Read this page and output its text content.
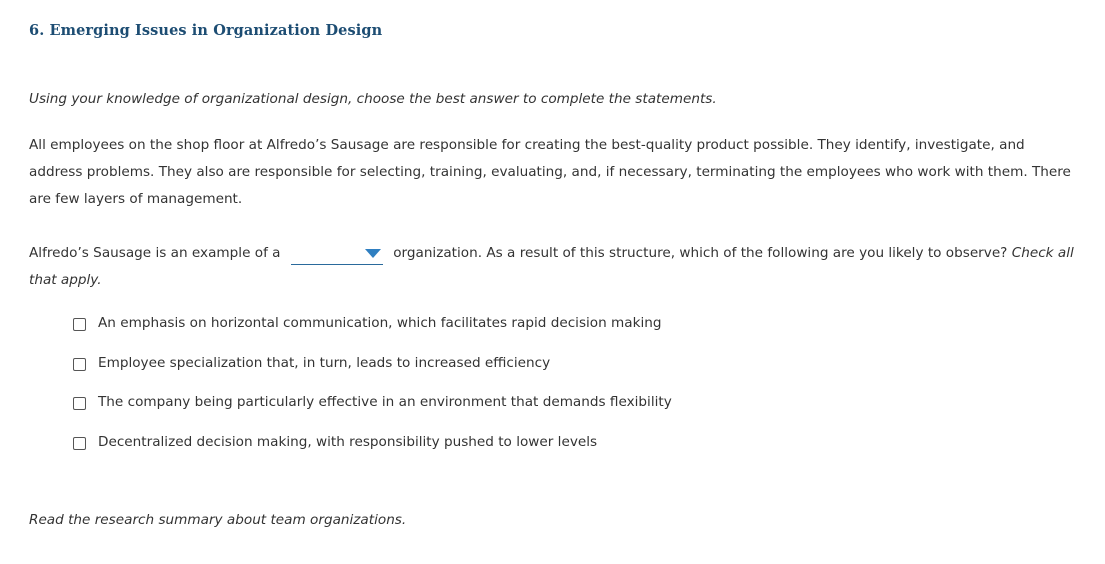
6. Emerging Issues in Organization Design
Using your knowledge of organizational design, choose the best answer to complete the statements.
All employees on the shop floor at Alfredo’s Sausage are responsible for creating the best-quality product possible. They identify, investigate, and address problems. They also are responsible for selecting, training, evaluating, and, if necessary, terminating the employees who work with them. There are few layers of management.
Alfredo’s Sausage is an example of a	organization. As a result of this structure, which of the following are you likely to observe? Check all that apply.
An emphasis on horizontal communication, which facilitates rapid decision making
Employee specialization that, in turn, leads to increased efficiency
The company being particularly effective in an environment that demands flexibility
Decentralized decision making, with responsibility pushed to lower levels
Read the research summary about team organizations.
